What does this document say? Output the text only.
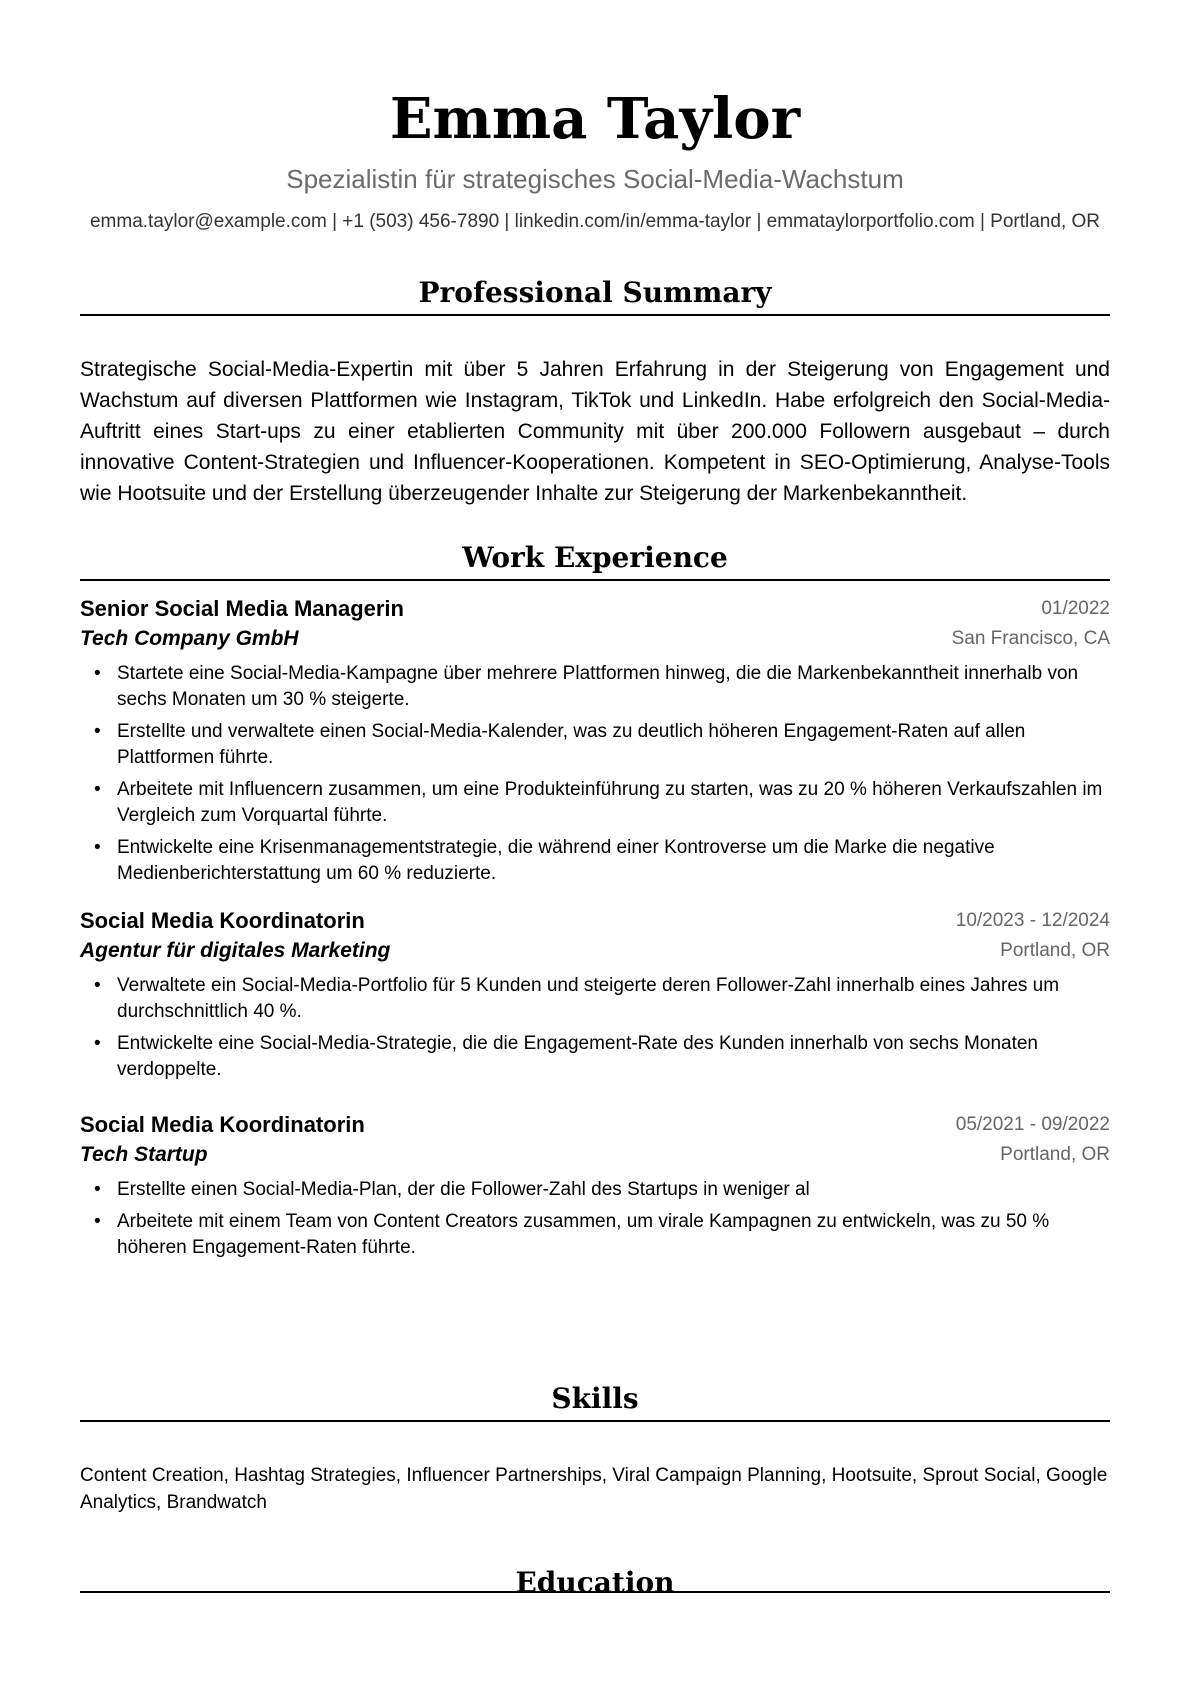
Emma Taylor
Spezialistin für strategisches Social-Media-Wachstum
emma.taylor@example.com | +1 (503) 456-7890 | linkedin.com/in/emma-taylor | emmataylorportfolio.com | Portland, OR
Professional Summary

Strategische Social-Media-Expertin mit über 5 Jahren Erfahrung in der Steigerung von Engagement und Wachstum auf diversen Plattformen wie Instagram, TikTok und LinkedIn. Habe erfolgreich den Social-Media-Auftritt eines Start-ups zu einer etablierten Community mit über 200.000 Followern ausgebaut – durch innovative Content-Strategien und Influencer-Kooperationen. Kompetent in SEO-Optimierung, Analyse-Tools wie Hootsuite und der Erstellung überzeugender Inhalte zur Steigerung der Markenbekanntheit.

Work Experience
Senior Social Media Managerin	01/2022
Tech Company GmbH	San Francisco, CA
• Startete eine Social-Media-Kampagne über mehrere Plattformen hinweg, die die Markenbekanntheit innerhalb von sechs Monaten um 30 % steigerte.
• Erstellte und verwaltete einen Social-Media-Kalender, was zu deutlich höheren Engagement-Raten auf allen Plattformen führte.
• Arbeitete mit Influencern zusammen, um eine Produkteinführung zu starten, was zu 20 % höheren Verkaufszahlen im Vergleich zum Vorquartal führte.
• Entwickelte eine Krisenmanagementstrategie, die während einer Kontroverse um die Marke die negative Medienberichterstattung um 60 % reduzierte.
Social Media Koordinatorin	10/2023 - 12/2024
Agentur für digitales Marketing	Portland, OR
• Verwaltete ein Social-Media-Portfolio für 5 Kunden und steigerte deren Follower-Zahl innerhalb eines Jahres um durchschnittlich 40 %.
• Entwickelte eine Social-Media-Strategie, die die Engagement-Rate des Kunden innerhalb von sechs Monaten verdoppelte.
Social Media Koordinatorin	05/2021 - 09/2022
Tech Startup	Portland, OR
• Erstellte einen Social-Media-Plan, der die Follower-Zahl des Startups in weniger al
• Arbeitete mit einem Team von Content Creators zusammen, um virale Kampagnen zu entwickeln, was zu 50 % höheren Engagement-Raten führte.
Skills

Content Creation, Hashtag Strategies, Influencer Partnerships, Viral Campaign Planning, Hootsuite, Sprout Social, Google Analytics, Brandwatch

Education
